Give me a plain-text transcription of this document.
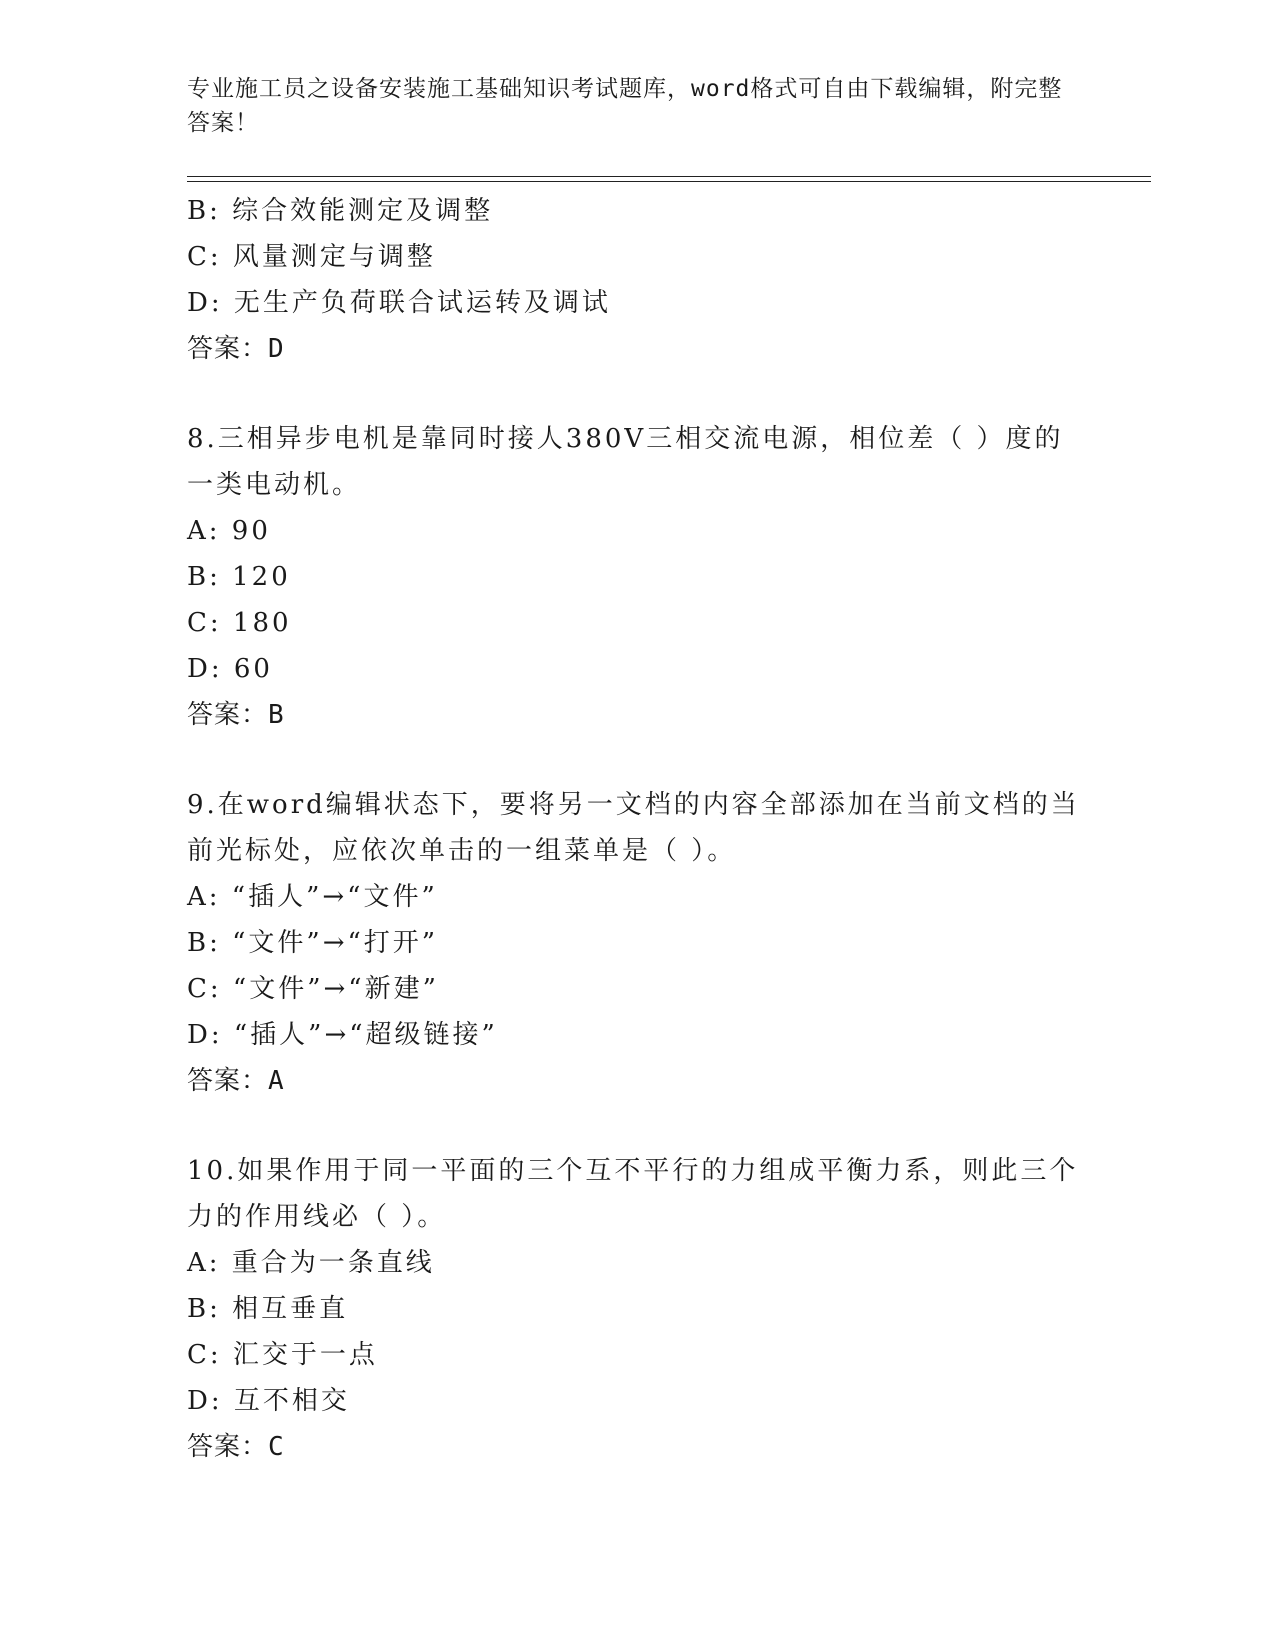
专业施工员之设备安装施工基础知识考试题库，word格式可自由下载编辑，附完整答案！
B: 综合效能测定及调整
C: 风量测定与调整
D: 无生产负荷联合试运转及调试
答案：D
8.三相异步电机是靠同时接人380V三相交流电源，相位差（ ）度的
一类电动机。
A: 90
B: 120
C: 180
D: 60
答案：B
9.在word编辑状态下，要将另一文档的内容全部添加在当前文档的当
前光标处，应依次单击的一组菜单是（ ）。
A: “插人”→“文件”
B: “文件”→“打开”
C: “文件”→“新建”
D: “插人”→“超级链接”
答案：A
10.如果作用于同一平面的三个互不平行的力组成平衡力系，则此三个
力的作用线必（ ）。
A: 重合为一条直线
B: 相互垂直
C: 汇交于一点
D: 互不相交
答案：C
